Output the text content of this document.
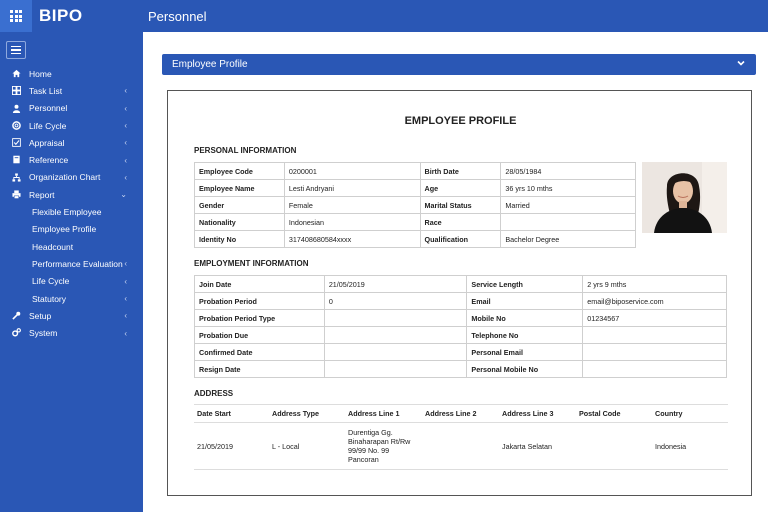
BIPO	Personnel
Home
Task List	‹
Personnel	‹
Life Cycle	‹
Appraisal	‹
Reference	‹
Organization Chart	‹
Report	⌄
Flexible Employee
Employee Profile
Headcount
Performance Evaluation ‹
Life Cycle	‹
Statutory	‹
Setup	‹
System	‹
Employee Profile
EMPLOYEE PROFILE
PERSONAL INFORMATION
Employee Code	0200001	Birth Date	28/05/1984
Employee Name	Lesti Andryani	Age	36 yrs 10 mths
Gender	Female	Marital Status	Married
Nationality	Indonesian	Race	
Identity No	317408680584xxxx	Qualification	Bachelor Degree
EMPLOYMENT INFORMATION
Join Date	21/05/2019	Service Length	2 yrs 9 mths
Probation Period	0	Email	email@biposervice.com
Probation Period Type		Mobile No	01234567
Probation Due		Telephone No	
Confirmed Date		Personal Email	
Resign Date		Personal Mobile No	
ADDRESS
Date Start	Address Type	Address Line 1	Address Line 2	Address Line 3	Postal Code	Country
21/05/2019	L - Local	Durentiga Gg.
Binaharapan Rt/Rw
99/99 No. 99
Pancoran		Jakarta Selatan		Indonesia
